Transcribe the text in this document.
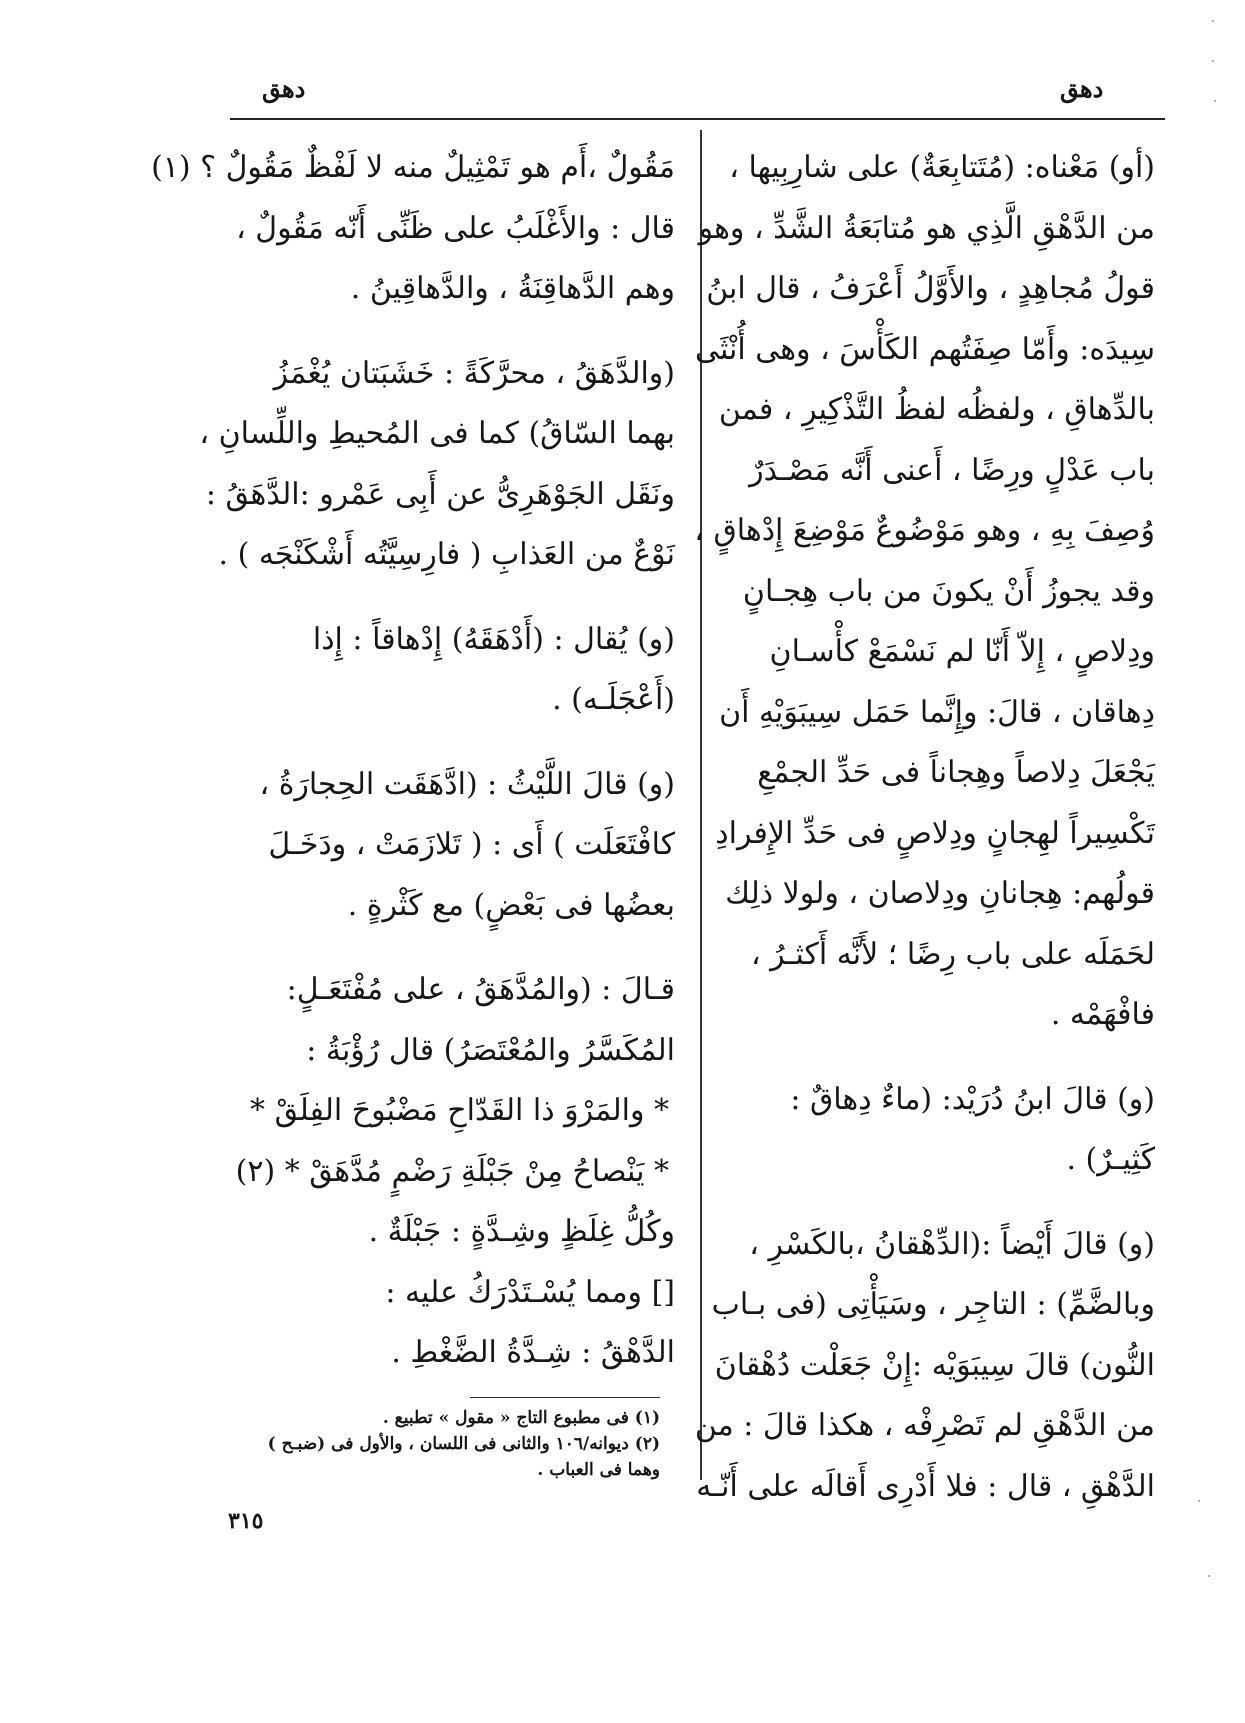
دهق
دهق
(أو) مَعْناه: (مُتَتابِعَةٌ) على شارِبِيها ،
من الدَّهْقِ الَّذِي هو مُتابَعَةُ الشَّدِّ ، وهو
قولُ مُجاهِدٍ ، والأَوَّلُ أَعْرَفُ ، قال ابنُ
سِيدَه: وأَمّا صِفَتُهم الكَأْسَ ، وهى أُنْثَى
بالدِّهاقِ ، ولفظُه لفظُ التَّذْكِيرِ ، فمن
باب عَدْلٍ ورِضًا ، أَعنى أَنَّه مَصْـدَرٌ
وُصِفَ بِهِ ، وهو مَوْضُوعٌ مَوْضِعَ إِدْهاقٍ ،
وقد يجوزُ أَنْ يكونَ من باب هِجـانٍ
ودِلاصٍ ، إِلاّ أَنّا لم نَسْمَعْ كأْسـانِ
دِهاقان ، قالَ: وإِنَّما حَمَل سِيبَوَيْهِ أَن
يَجْعَلَ دِلاصاً وهِجاناً فى حَدِّ الجمْعِ
تَكْسِيراً لهِجانٍ ودِلاصٍ فى حَدِّ الإِفرادِ
قولُهم: هِجانانِ ودِلاصان ، ولولا ذلِك
لحَمَلَه على باب رِضًا ؛ لأَنَّه أَكثـرُ ،
فافْهَمْه .
(و) قالَ ابنُ دُرَيْد: (ماءٌ دِهاقٌ :
كَثِيـرٌ) .
(و) قالَ أَيْضاً :(الدِّهْقانُ ،بالكَسْرِ ،
وبالضَّمِّ) : التاجِر ، وسَيَأْتِى (فى بـاب
النُّون) قالَ سِيبَوَيْه :إِنْ جَعَلْت دُهْقانَ
من الدَّهْقِ لم تَصْرِفْه ، هكذا قالَ : من
الدَّهْقِ ، قال : فلا أَدْرِى أَقالَه على أَنّـه
مَقُولٌ ،أَم هو تَمْثِيلٌ منه لا لَفْظٌ مَقُولٌ ؟ (١)
قال : والأَغْلَبُ على ظَنِّى أَنّه مَقُولٌ ،
وهم الدَّهاقِنَةُ ، والدَّهاقِينُ .
(والدَّهَقُ ، محرَّكَةً : خَشَبَتان يُغْمَزُ
بهما السّاقُ) كما فى المُحيطِ واللِّسانِ ،
ونَقَل الجَوْهَرِىُّ عن أَبِى عَمْرو :الدَّهَقُ :
نَوْعٌ من العَذابِ ( فارِسِيَّتُه أَشْكَنْجَه ) .
(و) يُقال : (أَدْهَقَهُ) إِدْهاقاً : إِذا
(أَعْجَلَـه) .
(و) قالَ اللَّيْثُ : (ادَّهَقَت الحِجارَةُ ،
كافْتَعَلَت ) أَى : ( تَلازَمَتْ ، ودَخَـلَ
بعضُها فى بَعْضٍ) مع كَثْرةٍ .
قـالَ : (والمُدَّهَقُ ، على مُفْتَعَـلٍ:
المُكَسَّرُ والمُعْتَصَرُ) قال رُؤْبَةُ :
* والمَرْوَ ذا القَدّاحِ مَضْبُوحَ الفِلَقْ *
* يَنْصاحُ مِنْ جَبْلَةِ رَضْمٍ مُدَّهَقْ * (٢)
وكُلُّ غِلَظٍ وشِـدَّةٍ : جَبْلَةٌ .
[] ومما يُسْـتَدْرَكُ عليه :
الدَّهْقُ : شِـدَّةُ الضَّغْطِ .
(١) فى مطبوع التاج « مقول » تطبيع .
(٢) ديوانه/١٠٦ والثانى فى اللسان ، والأول فى (ضبـح )
وهما فى العباب .
٣١٥
